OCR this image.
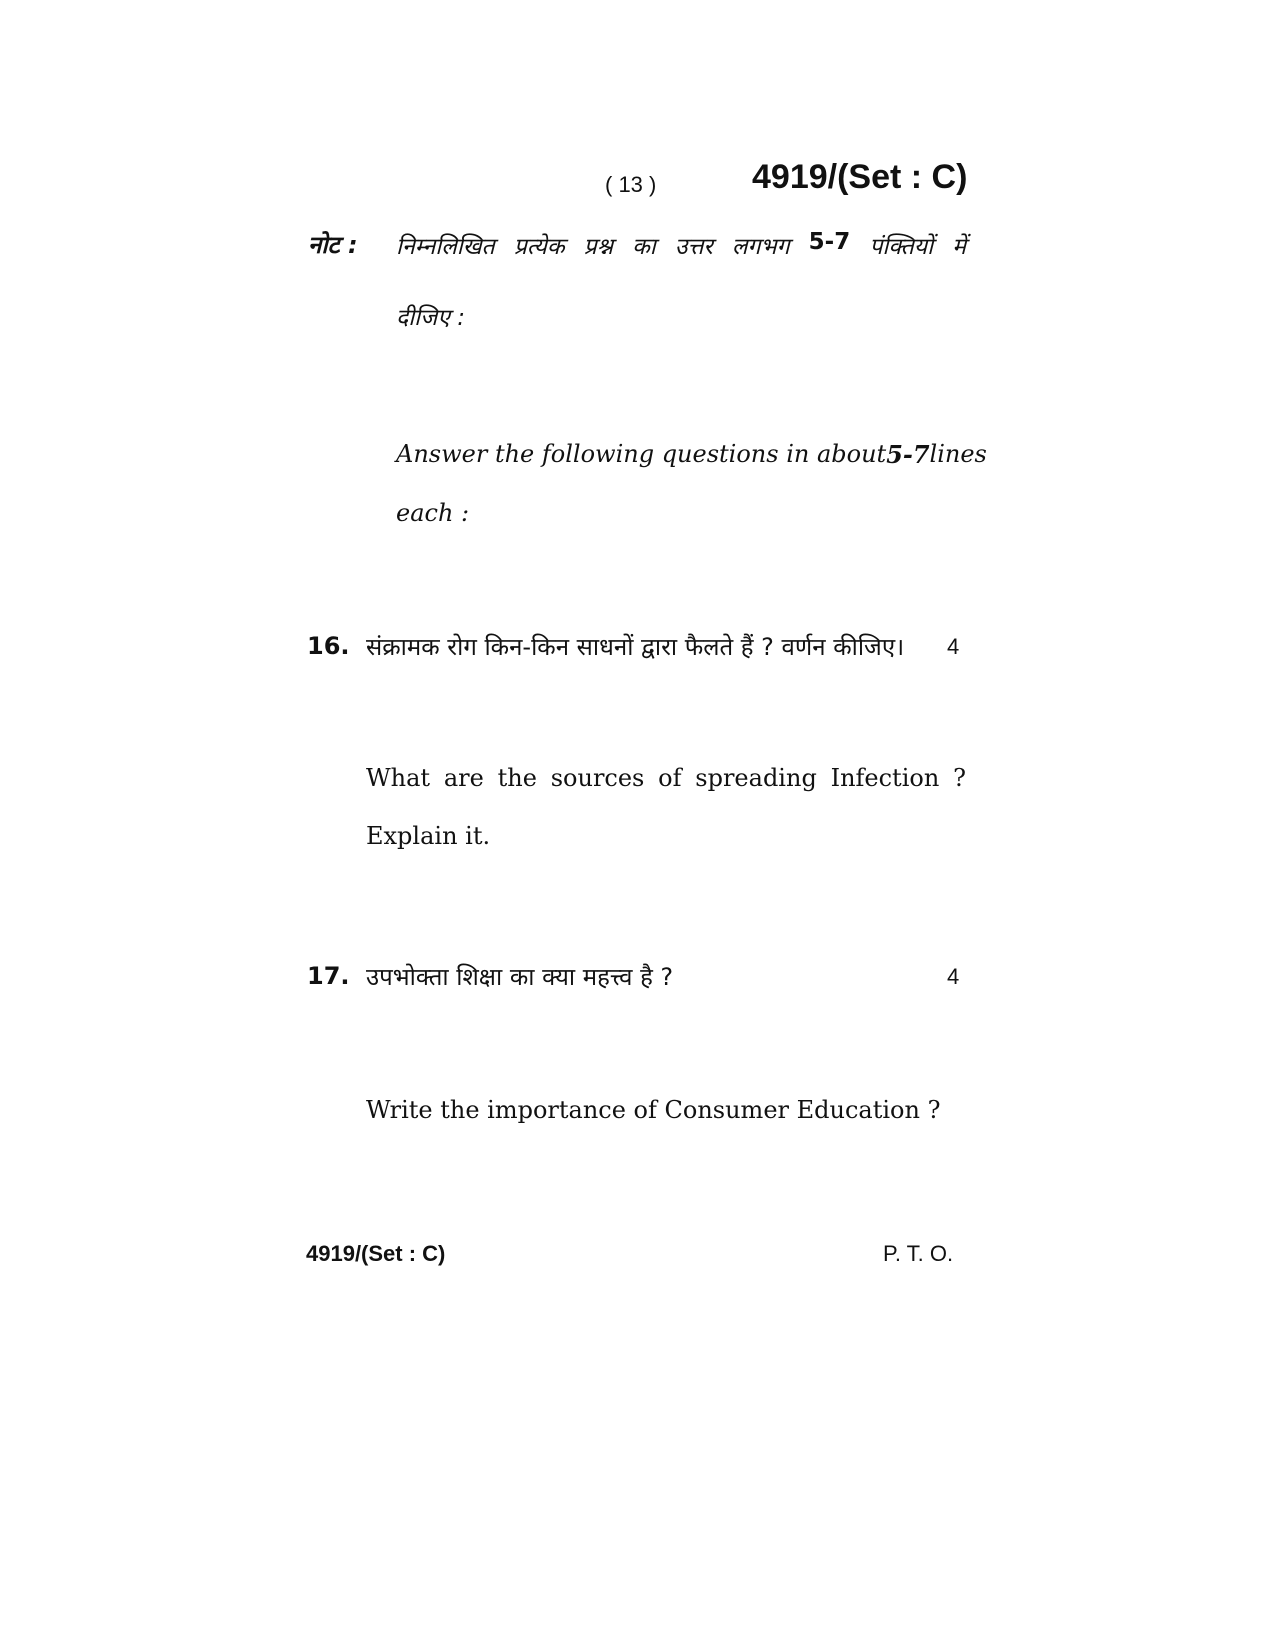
( 13 )	4919/(Set : C)
नोट : निम्नलिखित प्रत्येक प्रश्न का उत्तर लगभग 5-7 पंक्तियों में
दीजिए :
Answer the following questions in about 5-7 lines
each :
16. संक्रामक रोग किन-किन साधनों द्वारा फैलते हैं ? वर्णन कीजिए। 4
What are the sources of spreading Infection ?
Explain it.
17. उपभोक्ता शिक्षा का क्या महत्त्व है ?	4
Write the importance of Consumer Education ?
4919/(Set : C)	P. T. O.
